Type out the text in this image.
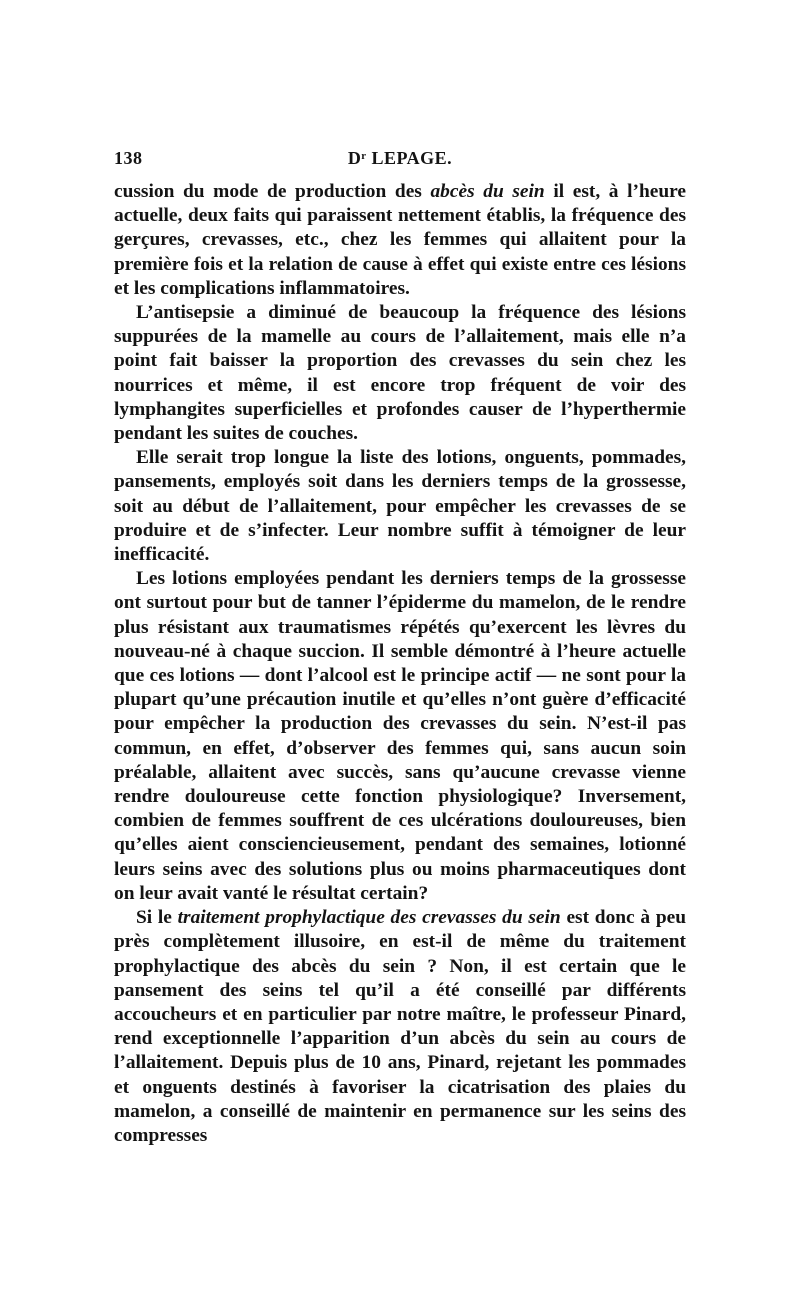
138	Dʳ LEPAGE.

cussion du mode de production des abcès du sein il est, à l’heure actuelle, deux faits qui paraissent nettement établis, la fréquence des gerçures, crevasses, etc., chez les femmes qui allaitent pour la première fois et la relation de cause à effet qui existe entre ces lésions et les complications inflammatoires.

L’antisepsie a diminué de beaucoup la fréquence des lésions suppurées de la mamelle au cours de l’allaitement, mais elle n’a point fait baisser la proportion des crevasses du sein chez les nourrices et même, il est encore trop fréquent de voir des lymphangites superficielles et profondes causer de l’hyperthermie pendant les suites de couches.

Elle serait trop longue la liste des lotions, onguents, pommades, pansements, employés soit dans les derniers temps de la grossesse, soit au début de l’allaitement, pour empêcher les crevasses de se produire et de s’infecter. Leur nombre suffit à témoigner de leur inefficacité.

Les lotions employées pendant les derniers temps de la grossesse ont surtout pour but de tanner l’épiderme du mamelon, de le rendre plus résistant aux traumatismes répétés qu’exercent les lèvres du nouveau-né à chaque succion. Il semble démontré à l’heure actuelle que ces lotions — dont l’alcool est le principe actif — ne sont pour la plupart qu’une précaution inutile et qu’elles n’ont guère d’efficacité pour empêcher la production des crevasses du sein. N’est-il pas commun, en effet, d’observer des femmes qui, sans aucun soin préalable, allaitent avec succès, sans qu’aucune crevasse vienne rendre douloureuse cette fonction physiologique? Inversement, combien de femmes souffrent de ces ulcérations douloureuses, bien qu’elles aient consciencieusement, pendant des semaines, lotionné leurs seins avec des solutions plus ou moins pharmaceutiques dont on leur avait vanté le résultat certain?

Si le traitement prophylactique des crevasses du sein est donc à peu près complètement illusoire, en est-il de même du traitement prophylactique des abcès du sein ? Non, il est certain que le pansement des seins tel qu’il a été conseillé par différents accoucheurs et en particulier par notre maître, le professeur Pinard, rend exceptionnelle l’apparition d’un abcès du sein au cours de l’allaitement. Depuis plus de 10 ans, Pinard, rejetant les pommades et onguents destinés à favoriser la cicatrisation des plaies du mamelon, a conseillé de maintenir en permanence sur les seins des compresses
